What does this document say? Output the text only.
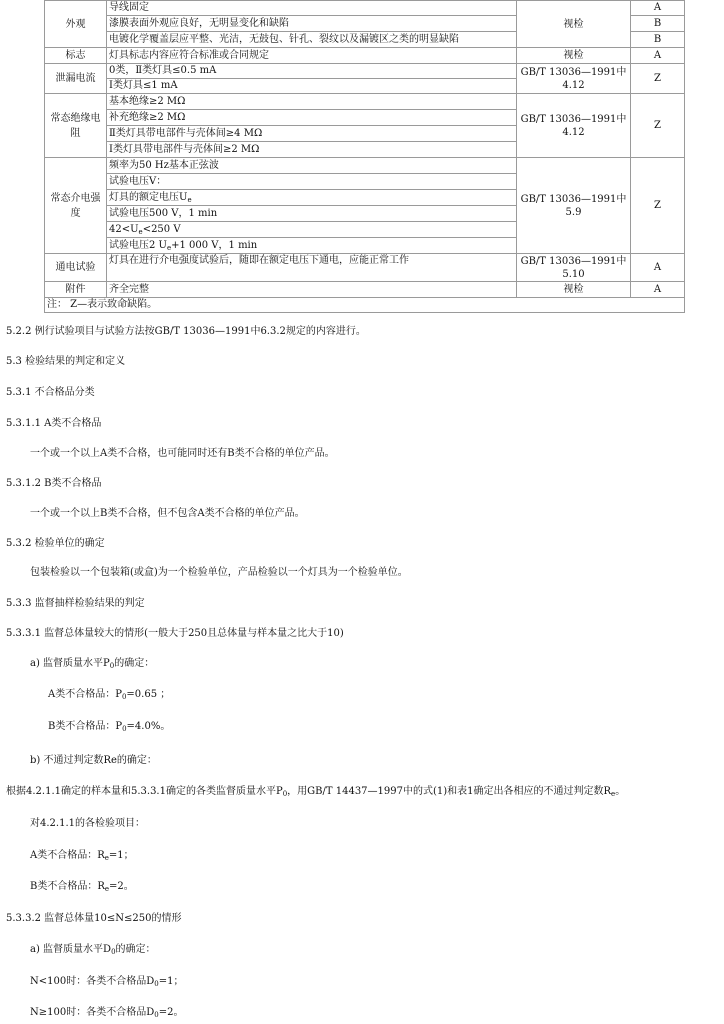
外观	导线固定	视检	A
	漆膜表面外观应良好，无明显变化和缺陷		B
	电镀化学覆盖层应平整、光洁，无鼓包、针孔、裂纹以及漏镀区之类的明显缺陷		B
标志	灯具标志内容应符合标准或合同规定	视检	A
泄漏电流	0类，Ⅱ类灯具≤0.5 mA	GB/T 13036—1991中4.12	Z
	Ⅰ类灯具≤1 mA		
常态绝缘电阻	基本绝缘≥2 MΩ	GB/T 13036—1991中4.12	Z
	补充绝缘≥2 MΩ		
	Ⅱ类灯具带电部件与壳体间≥4 MΩ		
	Ⅰ类灯具带电部件与壳体间≥2 MΩ		
常态介电强度	频率为50 Hz基本正弦波	GB/T 13036—1991中5.9	Z
	试验电压V：		
	灯具的额定电压$U_e$
	试验电压500 V，1 min		
	$42<U_e<250$ V		
	试验电压2 $U_e+1$ 000 V，1 min		
通电试验	灯具在进行介电强度试验后，随即在额定电压下通电，应能正常工作	GB/T 13036—1991中5.10	A
附件	齐全完整	视检	A
注： Z—表示致命缺陷。			
5.2.2 例行试验项目与试验方法按GB/T 13036—1991中6.3.2规定的内容进行。
5.3 检验结果的判定和定义
5.3.1 不合格品分类
5.3.1.1 A类不合格品
一个或一个以上A类不合格，也可能同时还有B类不合格的单位产品。
5.3.1.2 B类不合格品
一个或一个以上B类不合格，但不包含A类不合格的单位产品。
5.3.2 检验单位的确定
包装检验以一个包装箱(或盒)为一个检验单位，产品检验以一个灯具为一个检验单位。
5.3.3 监督抽样检验结果的判定
5.3.3.1 监督总体量较大的情形(一般大于250且总体量与样本量之比大于10)
a) 监督质量水平$P_0$的确定：
A类不合格品：$P_0=0.65$ ；
B类不合格品：$P_0=4.0\%$。
b) 不通过判定数Re的确定：
根据4.2.1.1确定的样本量和5.3.3.1确定的各类监督质量水平$P_0$，用GB/T 14437—1997中的式(1)和表1确定出各相应的不通过判定数$R_e$。
对4.2.1.1的各检验项目：
A类不合格品：$R_e=1$；
B类不合格品：$R_e=2$。
5.3.3.2 监督总体量10≤N≤250的情形
a) 监督质量水平$D_0$的确定：
N<100时：各类不合格品$D_0=1$；
N≥100时：各类不合格品$D_0=2$。
